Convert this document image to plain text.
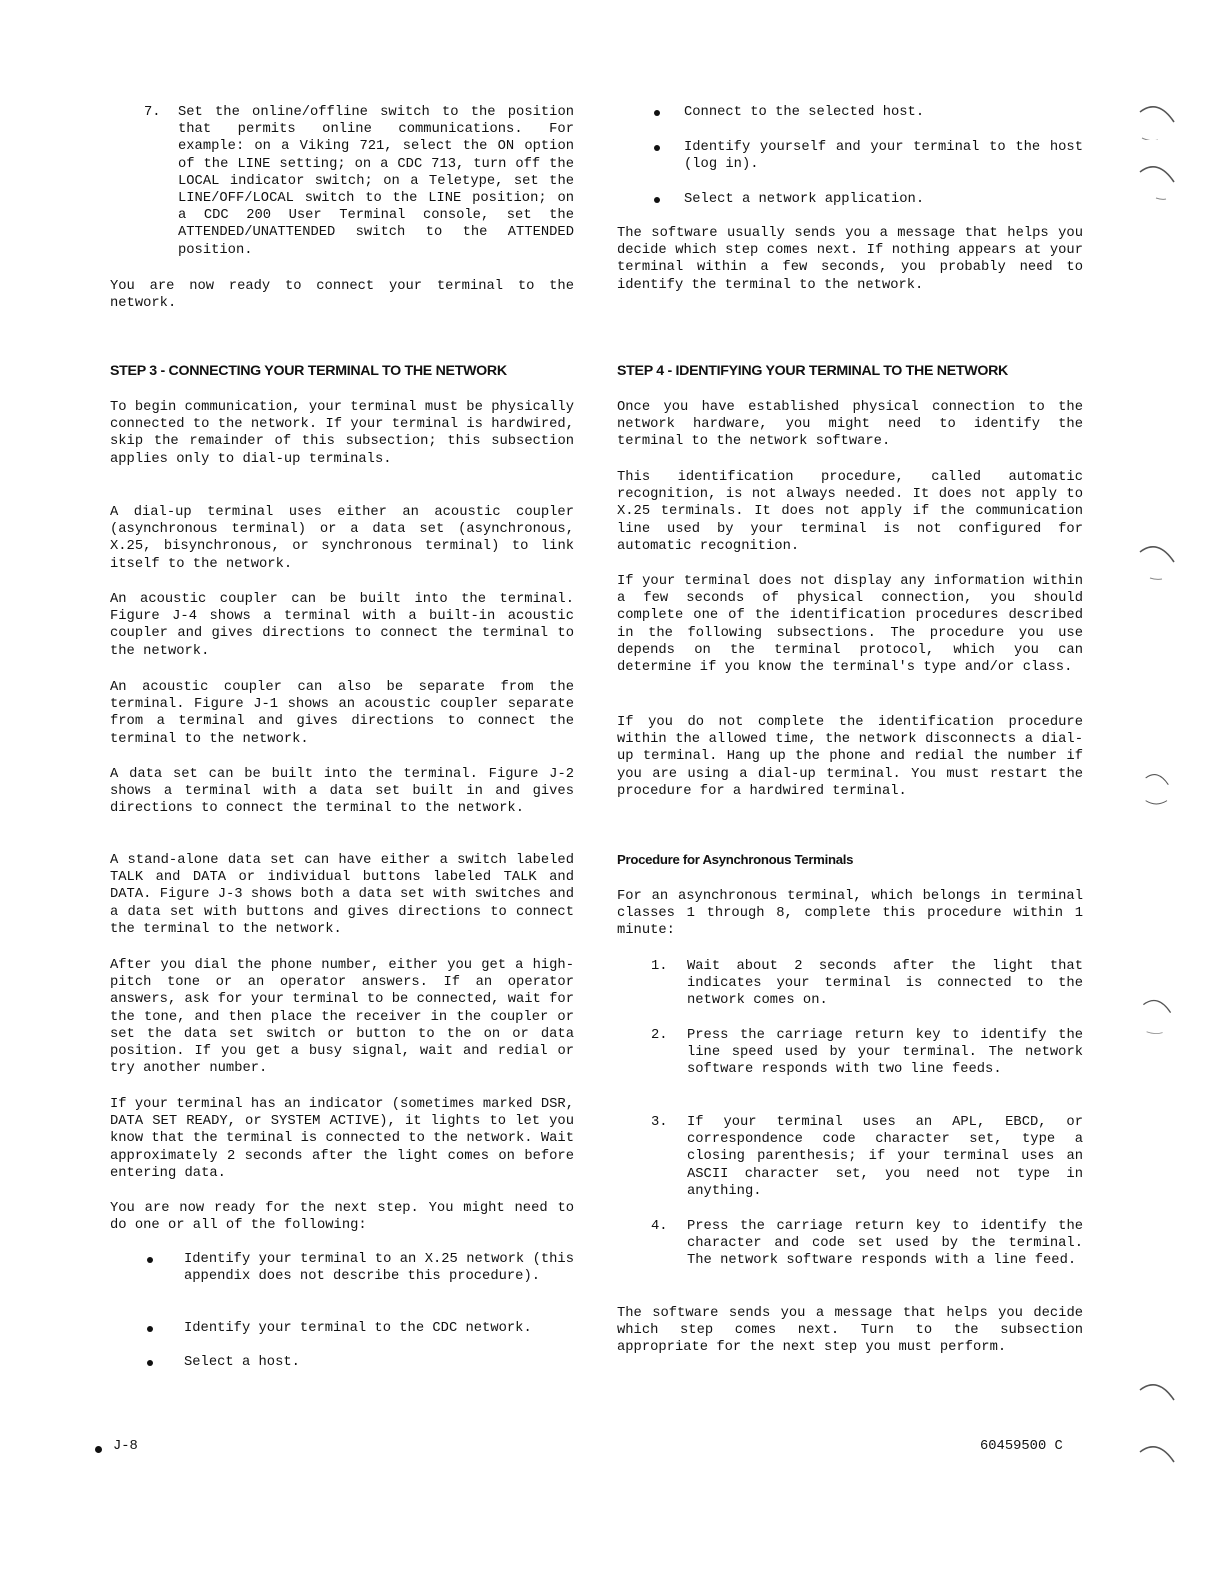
7.	Set the online/offline switch to the position that permits online communications. For example: on a Viking 721, select the ON option of the LINE setting; on a CDC 713, turn off the LOCAL indicator switch; on a Teletype, set the LINE/OFF/LOCAL switch to the LINE position; on a CDC 200 User Terminal console, set the ATTENDED/UNATTENDED switch to the ATTENDED position.

You are now ready to connect your terminal to the network.

STEP 3 - CONNECTING YOUR TERMINAL TO THE NETWORK

To begin communication, your terminal must be physically connected to the network. If your terminal is hardwired, skip the remainder of this subsection; this subsection applies only to dial-up terminals.

A dial-up terminal uses either an acoustic coupler (asynchronous terminal) or a data set (asynchronous, X.25, bisynchronous, or synchronous terminal) to link itself to the network.

An acoustic coupler can be built into the terminal. Figure J-4 shows a terminal with a built-in acoustic coupler and gives directions to connect the terminal to the network.

An acoustic coupler can also be separate from the terminal. Figure J-1 shows an acoustic coupler separate from a terminal and gives directions to connect the terminal to the network.

A data set can be built into the terminal. Figure J-2 shows a terminal with a data set built in and gives directions to connect the terminal to the network.

A stand-alone data set can have either a switch labeled TALK and DATA or individual buttons labeled TALK and DATA. Figure J-3 shows both a data set with switches and a data set with buttons and gives directions to connect the terminal to the network.

After you dial the phone number, either you get a high-pitch tone or an operator answers. If an operator answers, ask for your terminal to be connected, wait for the tone, and then place the receiver in the coupler or set the data set switch or button to the on or data position. If you get a busy signal, wait and redial or try another number.

If your terminal has an indicator (sometimes marked DSR, DATA SET READY, or SYSTEM ACTIVE), it lights to let you know that the terminal is connected to the network. Wait approximately 2 seconds after the light comes on before entering data.

You are now ready for the next step. You might need to do one or all of the following:

Identify your terminal to an X.25 network (this appendix does not describe this procedure).

Identify your terminal to the CDC network.

Select a host.

Connect to the selected host.

Identify yourself and your terminal to the host (log in).

Select a network application.

The software usually sends you a message that helps you decide which step comes next. If nothing appears at your terminal within a few seconds, you probably need to identify the terminal to the network.

STEP 4 - IDENTIFYING YOUR TERMINAL TO THE NETWORK

Once you have established physical connection to the network hardware, you might need to identify the terminal to the network software.

This identification procedure, called automatic recognition, is not always needed. It does not apply to X.25 terminals. It does not apply if the communication line used by your terminal is not configured for automatic recognition.

If your terminal does not display any information within a few seconds of physical connection, you should complete one of the identification procedures described in the following subsections. The procedure you use depends on the terminal protocol, which you can determine if you know the terminal's type and/or class.

If you do not complete the identification procedure within the allowed time, the network disconnects a dial-up terminal. Hang up the phone and redial the number if you are using a dial-up terminal. You must restart the procedure for a hardwired terminal.

Procedure for Asynchronous Terminals

For an asynchronous terminal, which belongs in terminal classes 1 through 8, complete this procedure within 1 minute:

1.	Wait about 2 seconds after the light that indicates your terminal is connected to the network comes on.

2.	Press the carriage return key to identify the line speed used by your terminal. The network software responds with two line feeds.

3.	If your terminal uses an APL, EBCD, or correspondence code character set, type a closing parenthesis; if your terminal uses an ASCII character set, you need not type in anything.

4.	Press the carriage return key to identify the character and code set used by the terminal. The network software responds with a line feed.

The software sends you a message that helps you decide which step comes next. Turn to the subsection appropriate for the next step you must perform.

J-8	60459500 C
